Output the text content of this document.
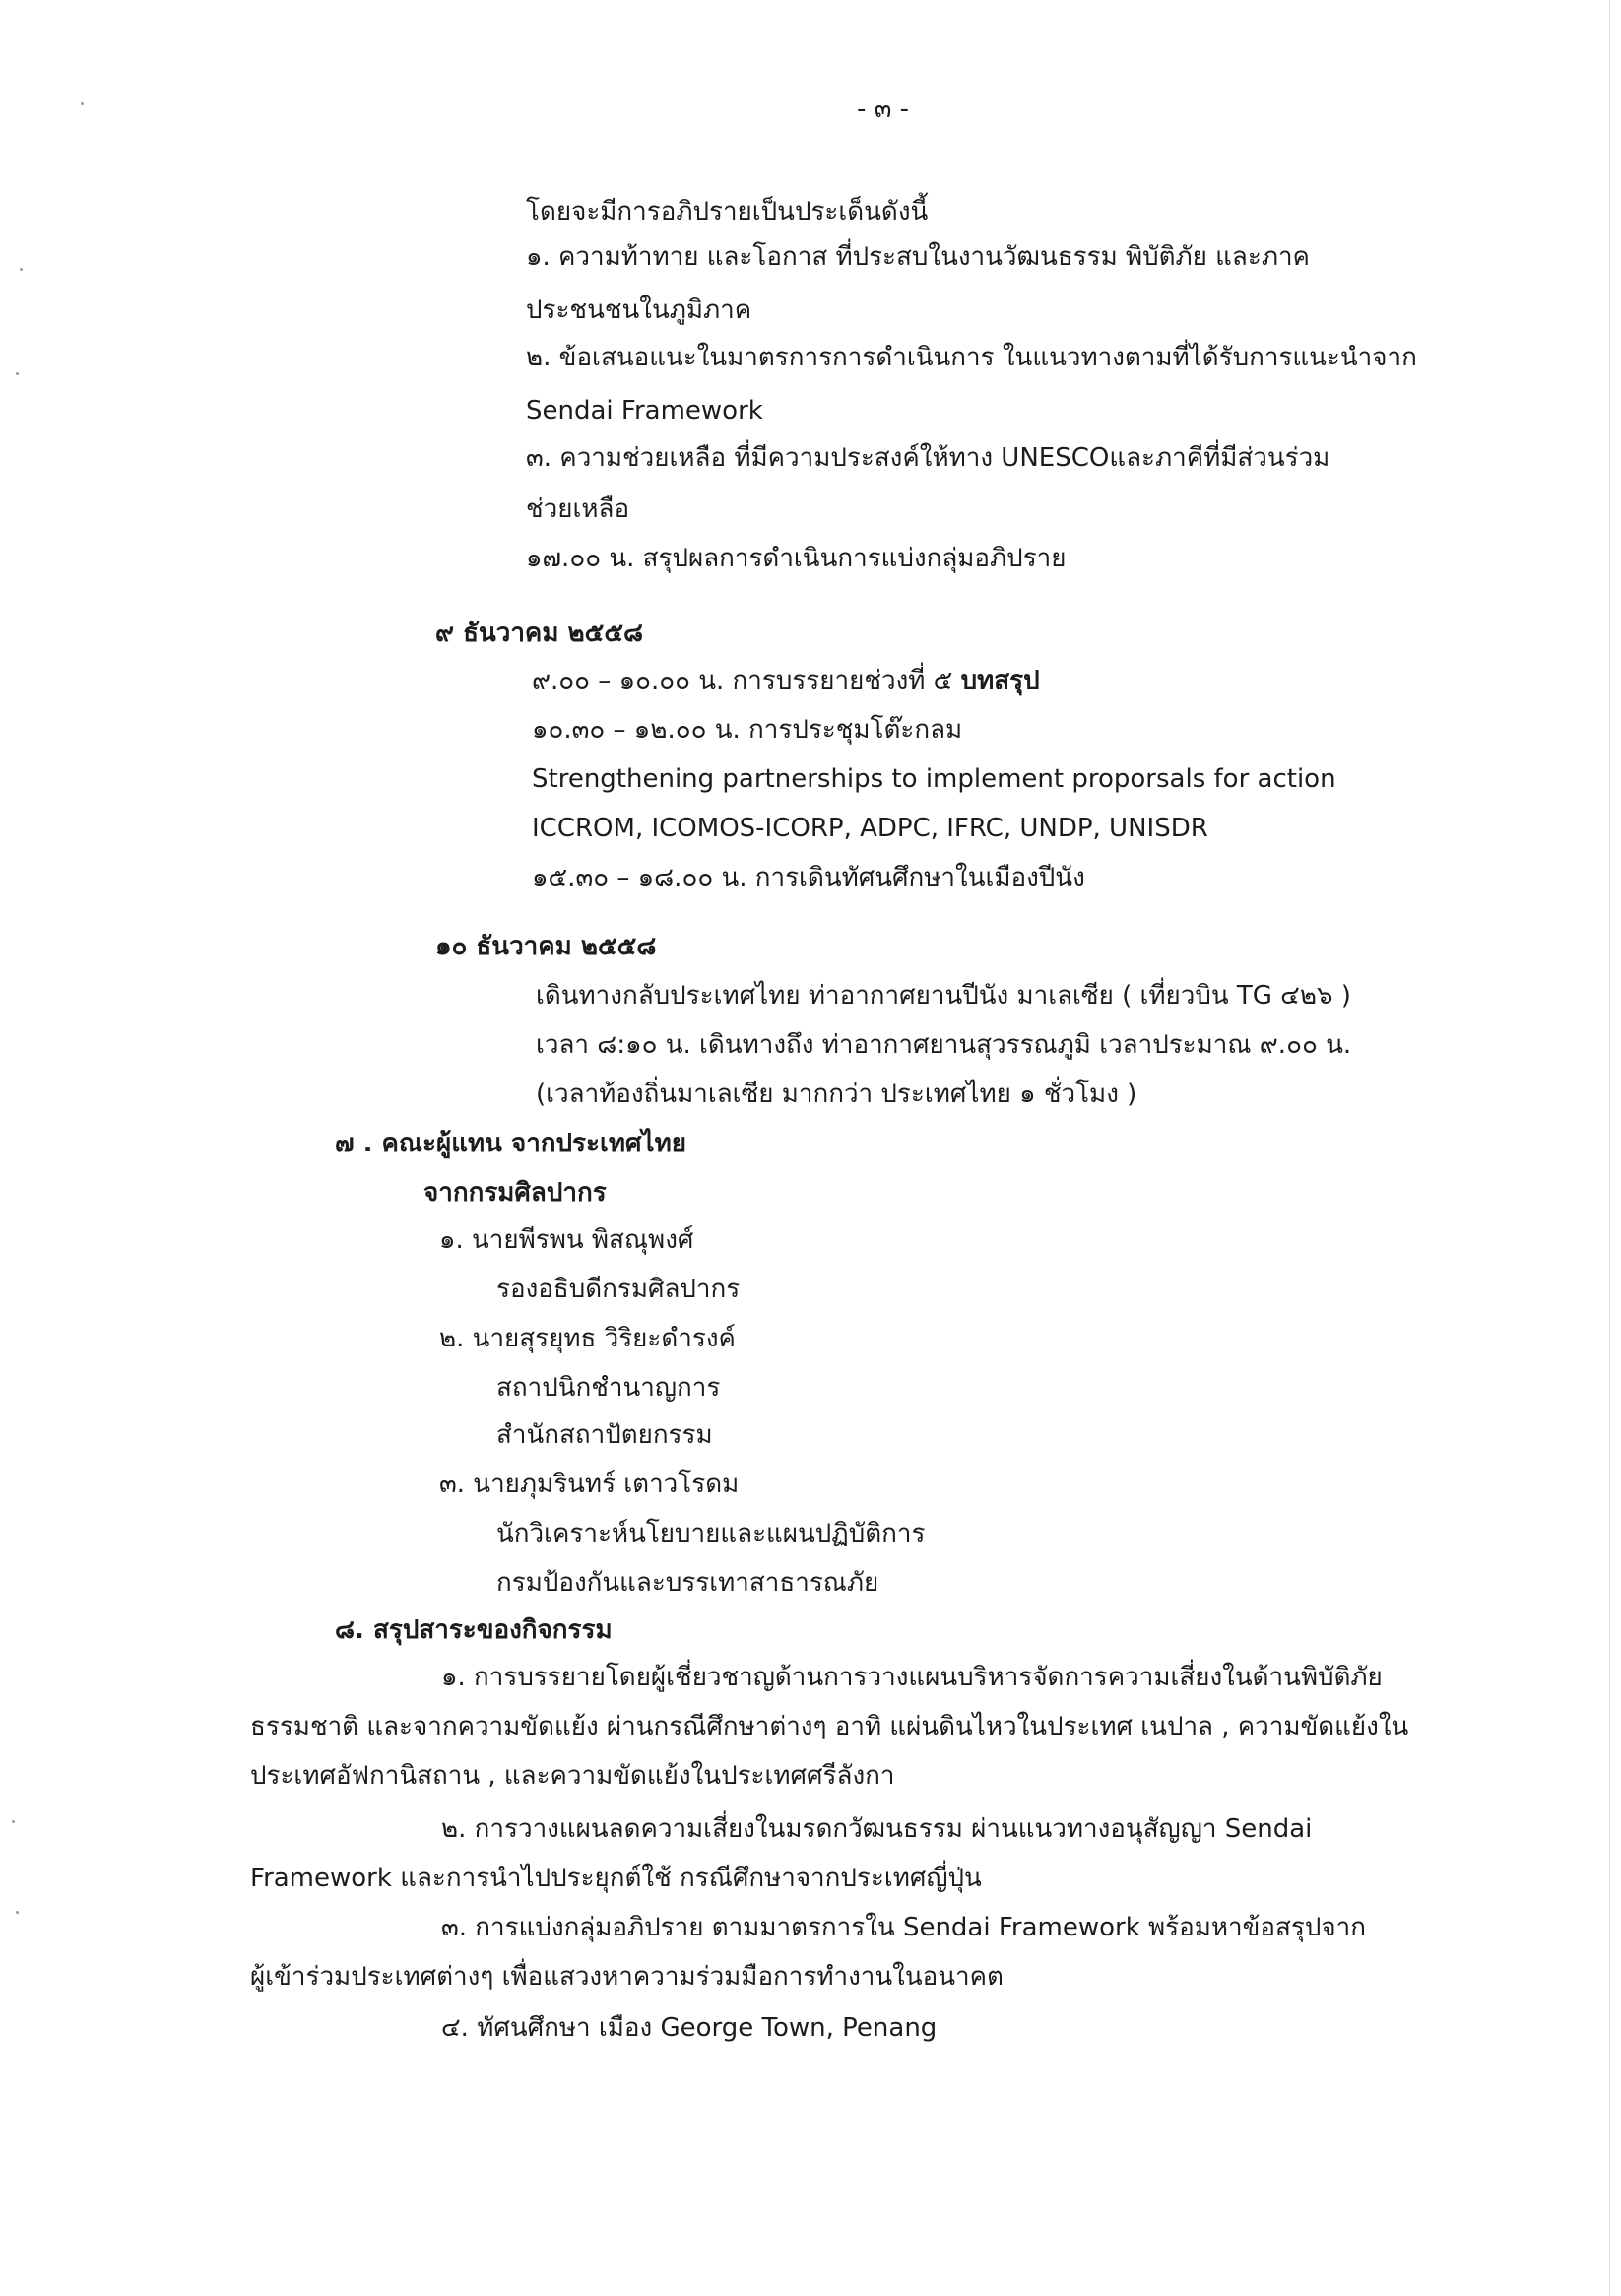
- ๓ -
โดยจะมีการอภิปรายเป็นประเด็นดังนี้
๑. ความท้าทาย และโอกาส ที่ประสบในงานวัฒนธรรม พิบัติภัย และภาค
ประชนชนในภูมิภาค
๒. ข้อเสนอแนะในมาตรการการดำเนินการ ในแนวทางตามที่ได้รับการแนะนำจาก
Sendai Framework
๓. ความช่วยเหลือ ที่มีความประสงค์ให้ทาง UNESCOและภาคีที่มีส่วนร่วม
ช่วยเหลือ
๑๗.๐๐ น. สรุปผลการดำเนินการแบ่งกลุ่มอภิปราย
๙ ธันวาคม ๒๕๕๘
๙.๐๐ – ๑๐.๐๐ น. การบรรยายช่วงที่ ๕ บทสรุป
๑๐.๓๐ – ๑๒.๐๐ น. การประชุมโต๊ะกลม
Strengthening partnerships to implement proporsals for action
ICCROM, ICOMOS-ICORP, ADPC, IFRC, UNDP, UNISDR
๑๕.๓๐ – ๑๘.๐๐ น. การเดินทัศนศึกษาในเมืองปีนัง
๑๐ ธันวาคม ๒๕๕๘
เดินทางกลับประเทศไทย ท่าอากาศยานปีนัง มาเลเซีย ( เที่ยวบิน TG ๔๒๖ )
เวลา ๘:๑๐ น. เดินทางถึง ท่าอากาศยานสุวรรณภูมิ เวลาประมาณ ๙.๐๐ น.
(เวลาท้องถิ่นมาเลเซีย มากกว่า ประเทศไทย ๑ ชั่วโมง )
๗ . คณะผู้แทน จากประเทศไทย
จากกรมศิลปากร
๑. นายพีรพน พิสณุพงศ์
รองอธิบดีกรมศิลปากร
๒. นายสุรยุทธ วิริยะดำรงค์
สถาปนิกชำนาญการ
สำนักสถาปัตยกรรม
๓. นายภุมรินทร์ เตาวโรดม
นักวิเคราะห์นโยบายและแผนปฏิบัติการ
กรมป้องกันและบรรเทาสาธารณภัย
๘. สรุปสาระของกิจกรรม
๑. การบรรยายโดยผู้เชี่ยวชาญด้านการวางแผนบริหารจัดการความเสี่ยงในด้านพิบัติภัย
ธรรมชาติ และจากความขัดแย้ง ผ่านกรณีศึกษาต่างๆ อาทิ แผ่นดินไหวในประเทศ เนปาล , ความขัดแย้งใน
ประเทศอัฟกานิสถาน , และความขัดแย้งในประเทศศรีลังกา
๒. การวางแผนลดความเสี่ยงในมรดกวัฒนธรรม ผ่านแนวทางอนุสัญญา Sendai
Framework และการนำไปประยุกต์ใช้ กรณีศึกษาจากประเทศญี่ปุ่น
๓. การแบ่งกลุ่มอภิปราย ตามมาตรการใน Sendai Framework พร้อมหาข้อสรุปจาก
ผู้เข้าร่วมประเทศต่างๆ เพื่อแสวงหาความร่วมมือการทำงานในอนาคต
๔. ทัศนศึกษา เมือง George Town, Penang
